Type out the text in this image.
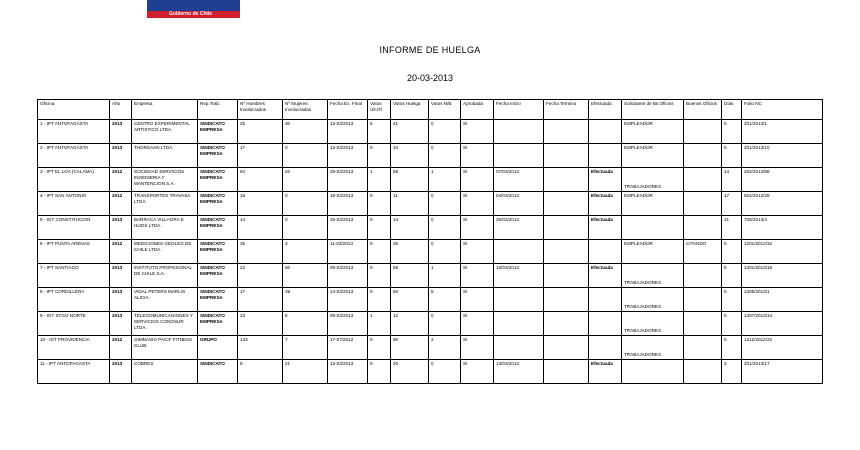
Gobierno de Chile
INFORME DE HUELGA
20-03-2013
Oficina	Año	Empresa	Rep.Trab.	Nº Hombres Involucrados	Nº Mujeres Involucradas	Fecha Ex. Final	Votos Últ.Of.	Votos Huelga	Votos N/B	Aprobada	Fecha Inicio	Fecha Termino	Efectuada	Solicitante de Bs.Oficios	Buenos Oficios	Días	Folio NC
1 - IPT ANTOFAGASTA	2013	CENTRO EXPERIMENTAL ARTISTICO LTDA.	SINDICATO EMPRESA	25	30	13-03/2013	5	41	0	SI				EMPLEADOR		0	201/2013/1
2 - IPT ANTOFAGASTA	2013	THORSAAN LTDA.	SINDICATO EMPRESA	17	0	13-03/2013	0	10	0	SI				EMPLEADOR		0	201/2013/10
3 - IPT EL LOA (CALAMA)	2012	SOCIEDAD SERVICIOS INGENIERIA Y MANTENCION S.A.	SINDICATO EMPRESA	84	20	28-02/2013	1	58	1	SI	07/03/2013		Efectuada	TRABAJADORES		14	202/2012/88
4 - IPT SAN ANTONIO	2012	TRANSPORTES TRAVASA LTDA.	SINDICATO EMPRESA	15	0	18-02/2013	0	11	0	SI	04/03/2013		Efectuada	EMPLEADOR		17	504/2012/28
5 - IGT CONSTITUCION	2013	BARRACA VILLAGRA E HIJOS LTDA.	SINDICATO EMPRESA	14	0	25-02/2013	0	14	0	SI	25/02/2013		Efectuada			21	705/2013/4
6 - IPT PUNTA ARENAS	2012	MEDICIONES GEOLEG DE CHILE LTDA.	SINDICATO EMPRESA	35	3	11-03/2013	0	35	0	SI				EMPLEADOR	CITANDO	0	1201/2012/32
7 - IPT SANTIAGO	2013	INSTITUTO PROFESIONAL DE CHILE S.A.	SINDICATO EMPRESA	22	50	08-03/2013	0	58	1	SI	15/03/2013		Efectuada	TRABAJADORES		8	1301/2013/18
8 - IPT CORDILLERA	2013	VIDAL PETERS MARLIS ALICIA.	SINDICATO EMPRESA	17	39	14-03/2013	0	50	5	SI				TRABAJADORES		0	1305/2013/1
9 - IGT STGO NORTE	2013	TELEGOMUNICAGIONES Y SERVICIOS CONOSUR LTDA.	SINDICATO EMPRESA	23	8	08-03/2013	1	12	0	SI				TRABAJADORES		0	1307/2013/14
10 - IGT PROVIDENCIA	2012	GIMNASIO PACIF FITNESS CLUB.	GRUPO	143	7	17-07/2012	0	90	2	SI				TRABAJADORES		0	1312/2012/22
11 - IPT ANTOFAGASTA	2013	COBRES	SINDICATO	9	21	13-03/2013	0	20	0	SI	13/03/2013		Efectuada			3	201/2013/17
